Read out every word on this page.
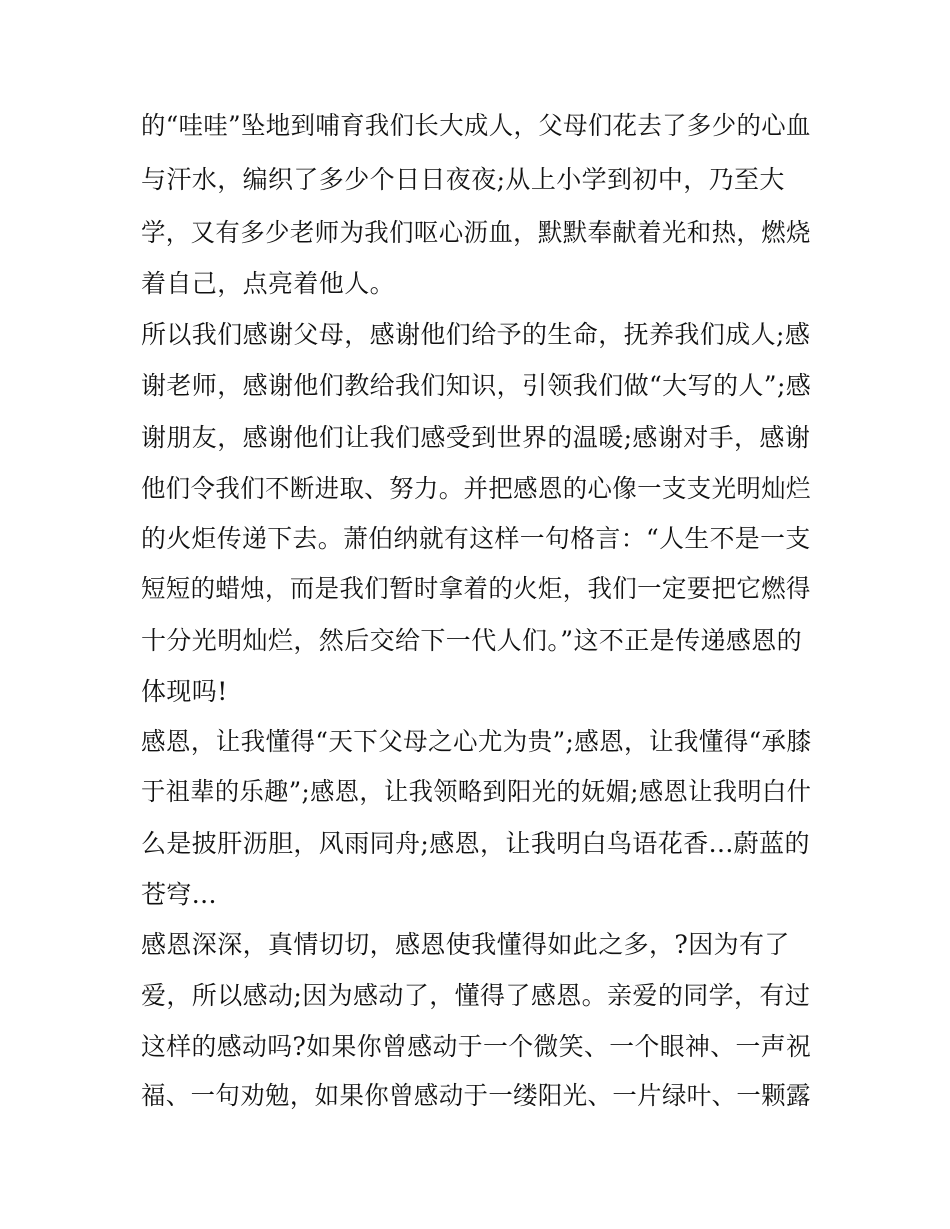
的“哇哇”坠地到哺育我们长大成人，父母们花去了多少的心血
与汗水，编织了多少个日日夜夜;从上小学到初中，乃至大
学，又有多少老师为我们呕心沥血，默默奉献着光和热，燃烧
着自己，点亮着他人。
所以我们感谢父母，感谢他们给予的生命，抚养我们成人;感
谢老师，感谢他们教给我们知识，引领我们做“大写的人”;感
谢朋友，感谢他们让我们感受到世界的温暖;感谢对手，感谢
他们令我们不断进取、努力。并把感恩的心像一支支光明灿烂
的火炬传递下去。萧伯纳就有这样一句格言：“人生不是一支
短短的蜡烛，而是我们暂时拿着的火炬，我们一定要把它燃得
十分光明灿烂，然后交给下一代人们。”这不正是传递感恩的
体现吗!
感恩，让我懂得“天下父母之心尤为贵”;感恩，让我懂得“承膝
于祖辈的乐趣”;感恩，让我领略到阳光的妩媚;感恩让我明白什
么是披肝沥胆，风雨同舟;感恩，让我明白鸟语花香...蔚蓝的
苍穹...
感恩深深，真情切切，感恩使我懂得如此之多，?因为有了
爱，所以感动;因为感动了，懂得了感恩。亲爱的同学，有过
这样的感动吗?如果你曾感动于一个微笑、一个眼神、一声祝
福、一句劝勉，如果你曾感动于一缕阳光、一片绿叶、一颗露
